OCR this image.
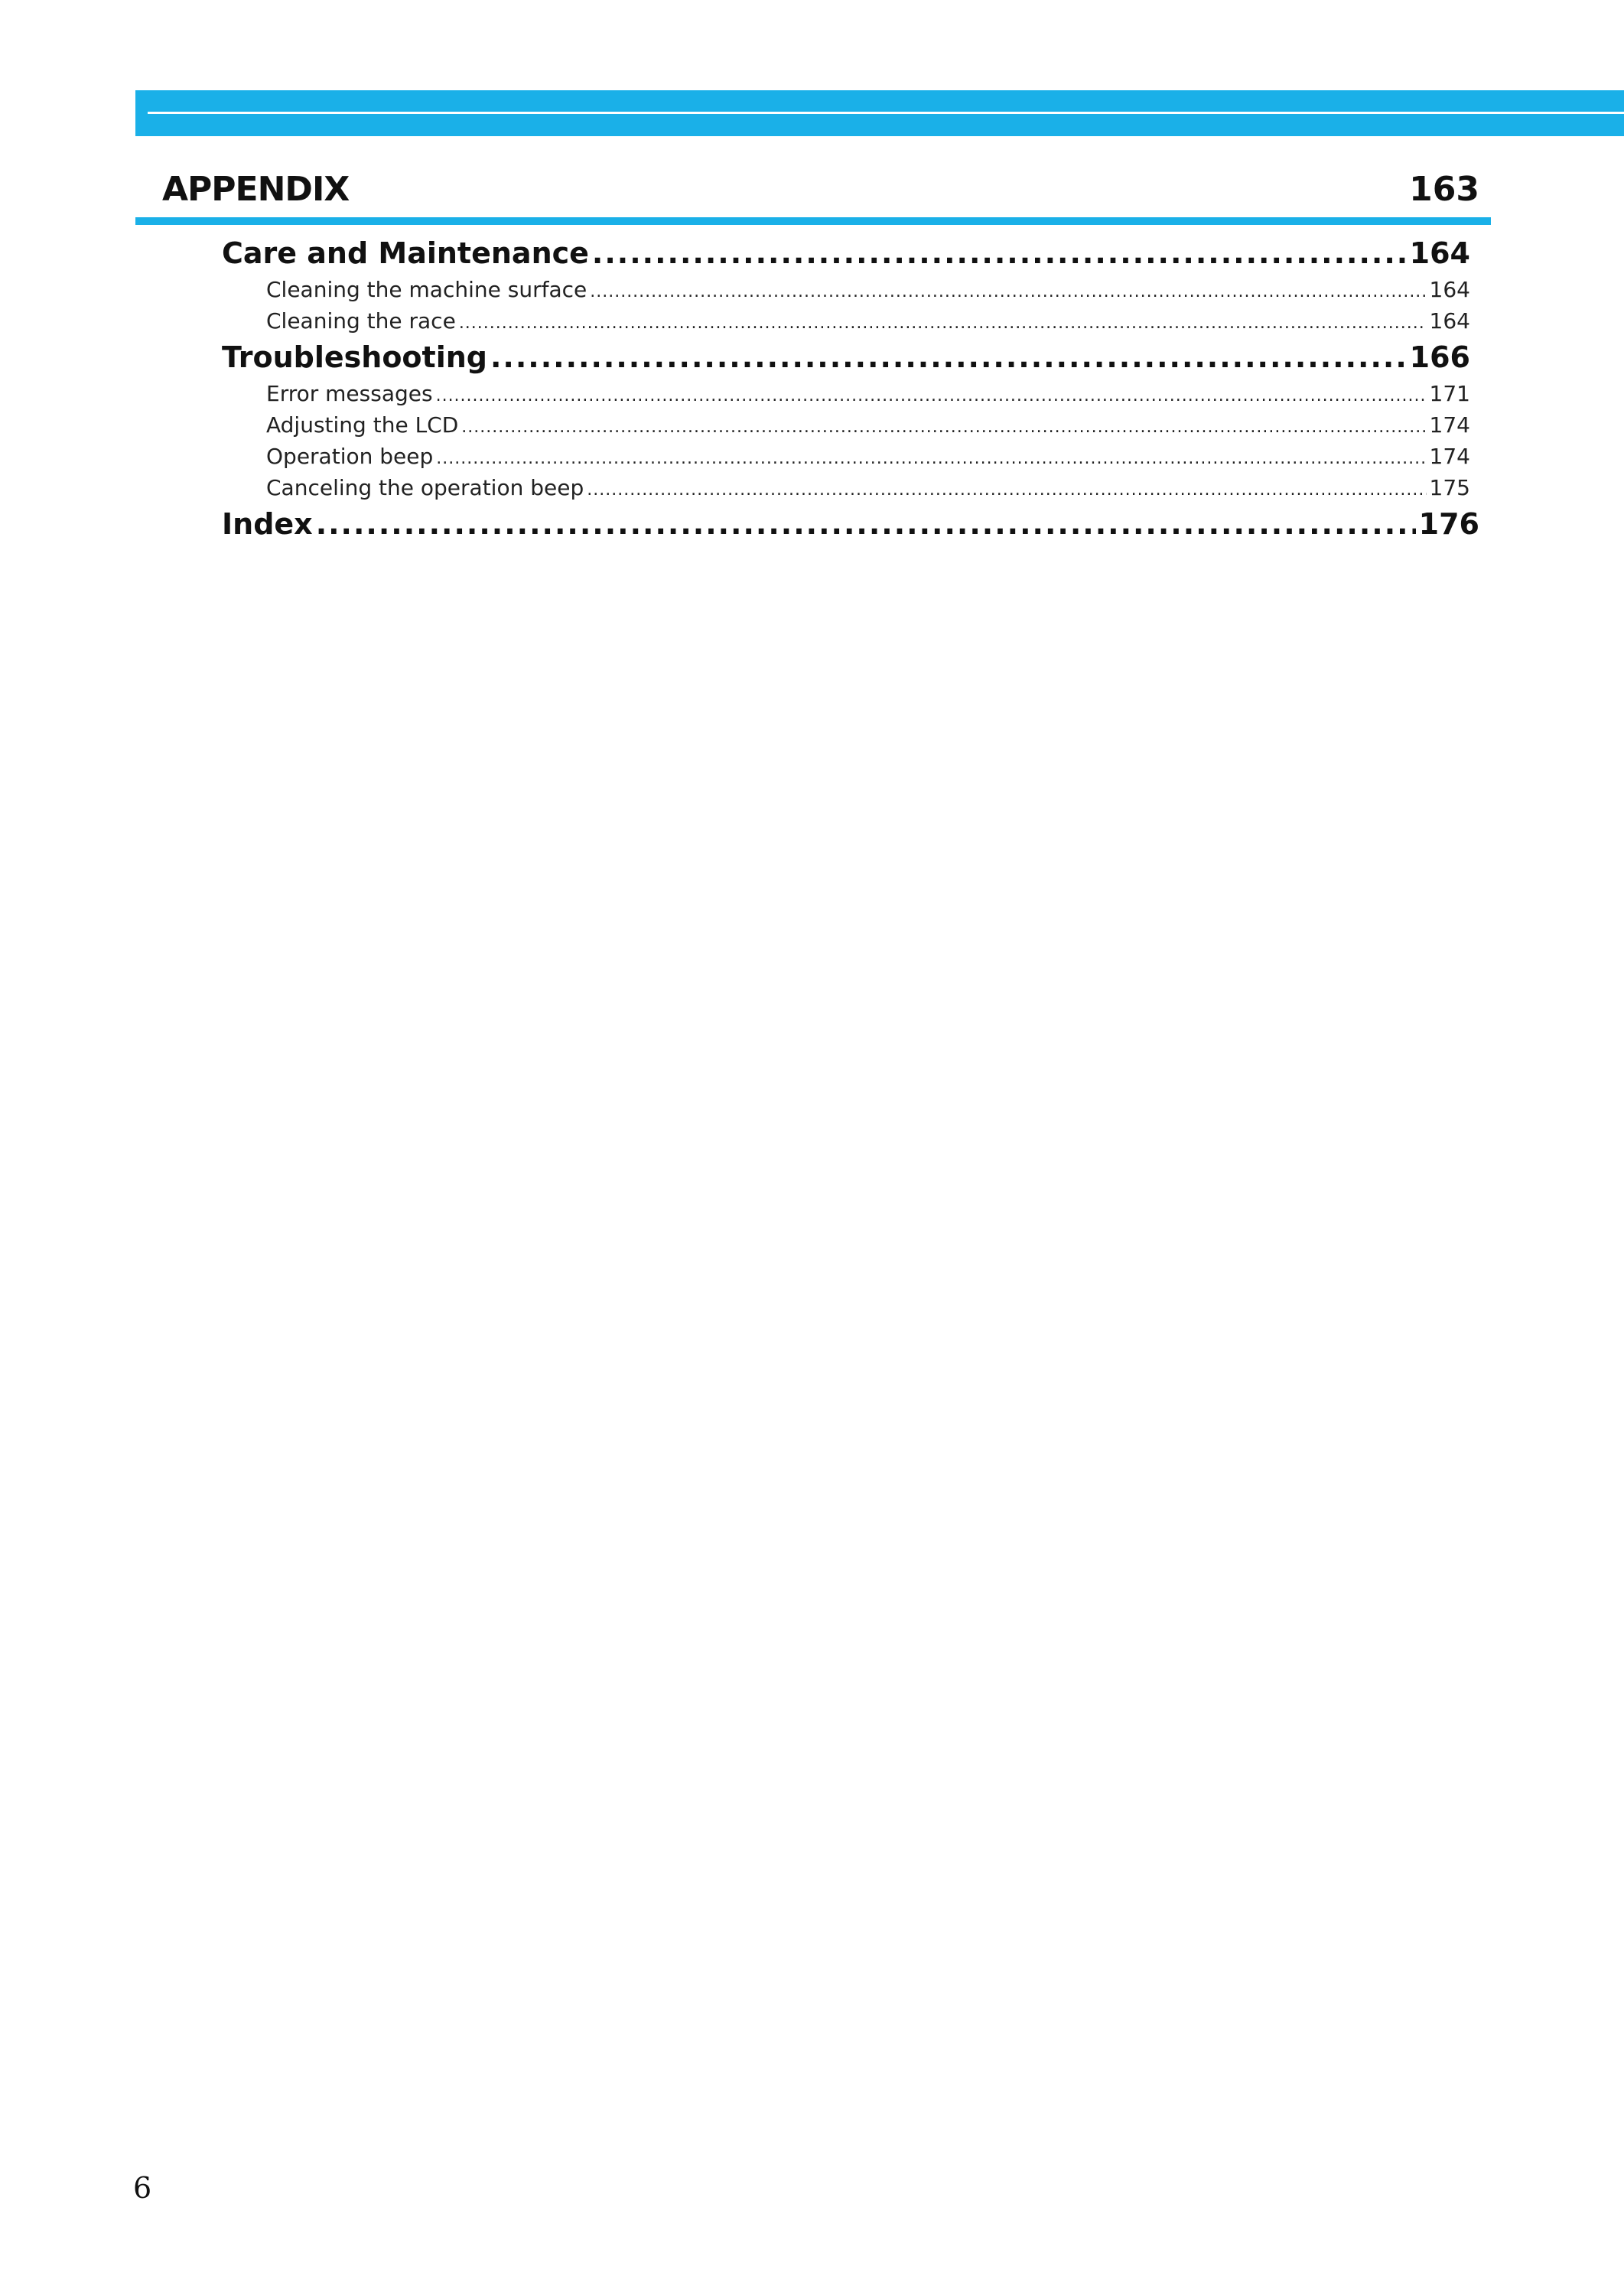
APPENDIX	163
Care and Maintenance .....	164
Cleaning the machine surface .....	164
Cleaning the race .....	164
Troubleshooting .....	166
Error messages .....	171
Adjusting the LCD .....	174
Operation beep .....	174
Canceling the operation beep .....	175
Index .....	176
6
